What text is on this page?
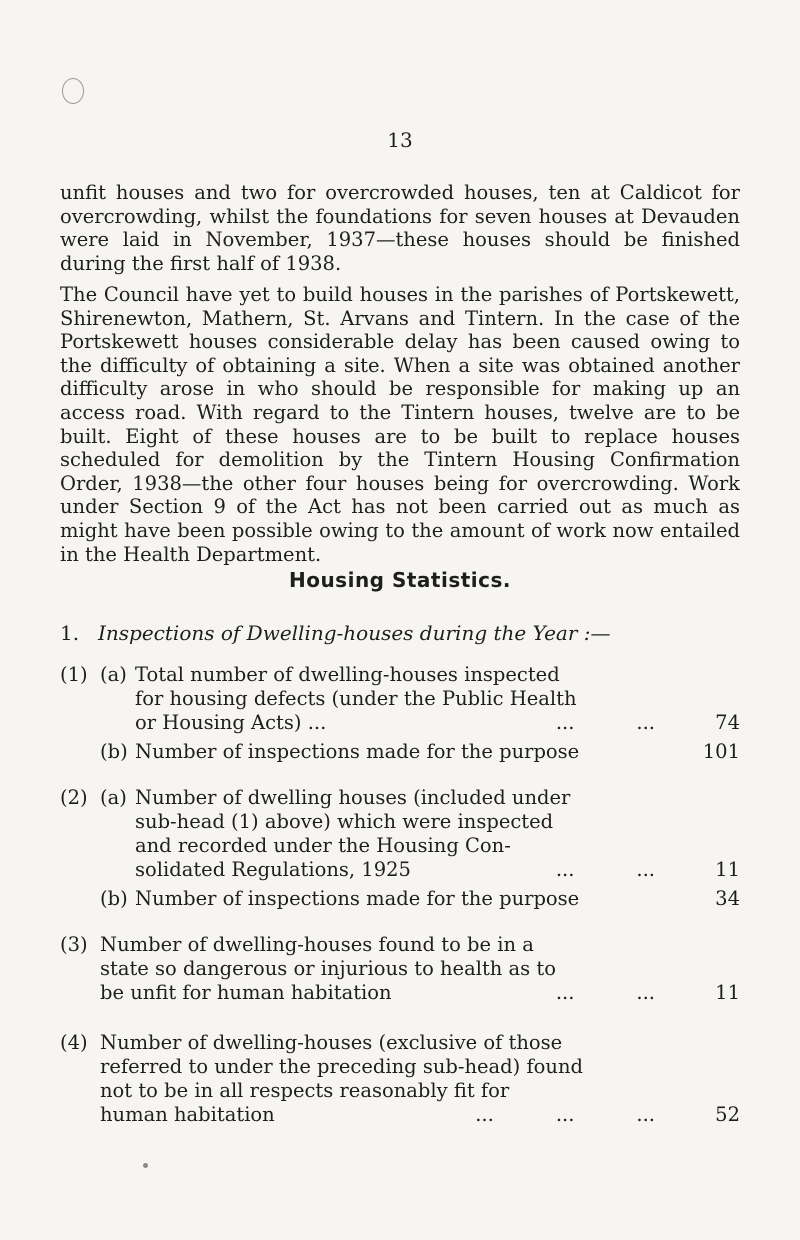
13

unfit houses and two for overcrowded houses, ten at Caldicot for overcrowding, whilst the foundations for seven houses at Devauden were laid in November, 1937—these houses should be finished during the first half of 1938.

The Council have yet to build houses in the parishes of Portskewett, Shirenewton, Mathern, St. Arvans and Tintern. In the case of the Portskewett houses considerable delay has been caused owing to the difficulty of obtaining a site. When a site was obtained another difficulty arose in who should be responsible for making up an access road. With regard to the Tintern houses, twelve are to be built. Eight of these houses are to be built to replace houses scheduled for demolition by the Tintern Housing Confirmation Order, 1938—the other four houses being for overcrowding. Work under Section 9 of the Act has not been carried out as much as might have been possible owing to the amount of work now entailed in the Health Department.

Housing Statistics.
1. Inspections of Dwelling-houses during the Year :—
(1) (a) Total number of dwelling-houses inspected
for housing defects (under the Public Health
or Housing Acts) ...	...          ...	74
(b) Number of inspections made for the purpose	101
(2) (a) Number of dwelling houses (included under
sub-head (1) above) which were inspected
and recorded under the Housing Con-
solidated Regulations, 1925	...          ...	11
(b) Number of inspections made for the purpose	34
(3) Number of dwelling-houses found to be in a
state so dangerous or injurious to health as to
be unfit for human habitation	...          ...	11
(4) Number of dwelling-houses (exclusive of those
referred to under the preceding sub-head) found
not to be in all respects reasonably fit for
human habitation	...          ...          ...	52
